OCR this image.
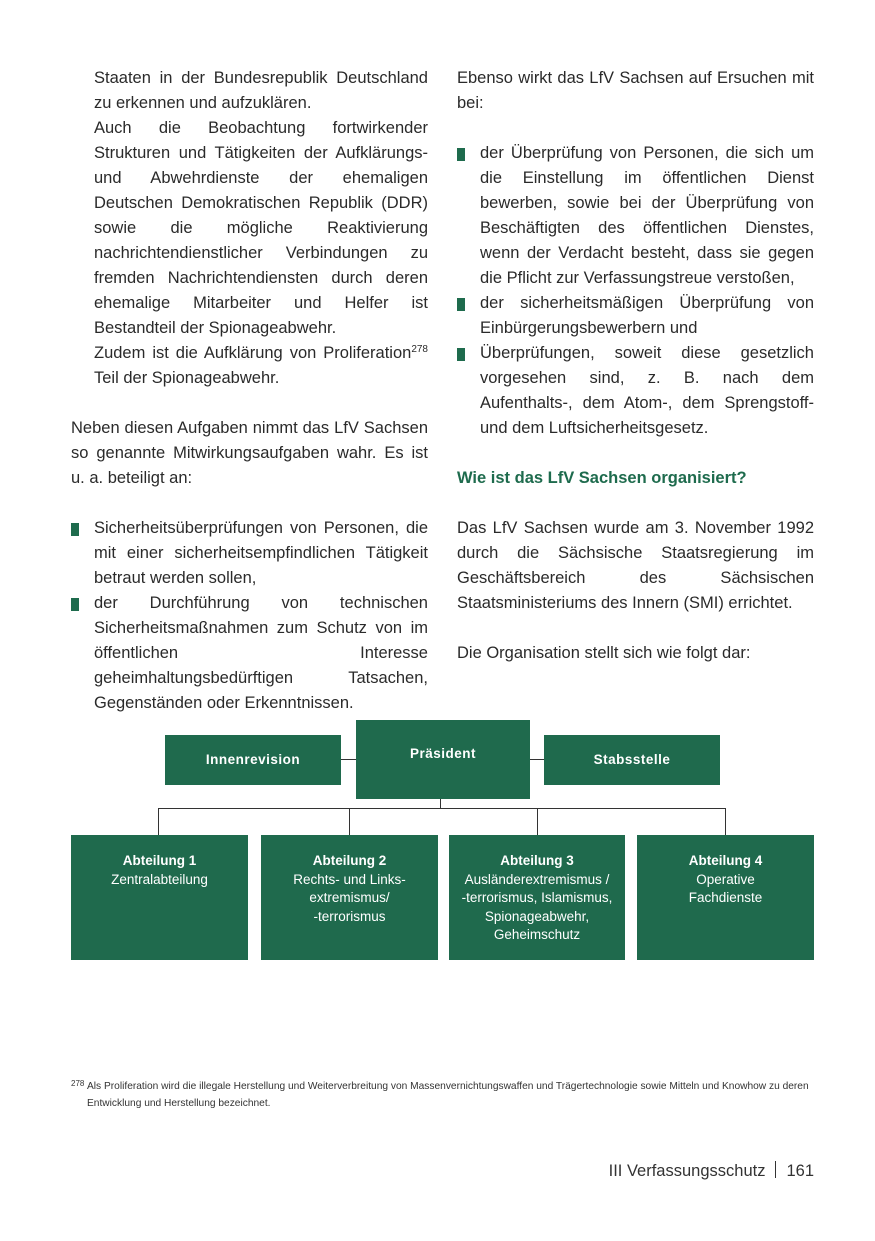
Staaten in der Bundesrepublik Deutschland zu erkennen und aufzuklären.

Auch die Beobachtung fortwirkender Strukturen und Tätigkeiten der Aufklärungs- und Abwehrdienste der ehemaligen Deutschen Demokratischen Republik (DDR) sowie die mögliche Reaktivierung nachrichtendienstlicher Verbindungen zu fremden Nachrichtendiensten durch deren ehemalige Mitarbeiter und Helfer ist Bestandteil der Spionageabwehr.

Zudem ist die Aufklärung von Proliferation$^{278}$ Teil der Spionageabwehr.

Neben diesen Aufgaben nimmt das LfV Sachsen so genannte Mitwirkungsaufgaben wahr. Es ist u. a. beteiligt an:

Sicherheitsüberprüfungen von Personen, die mit einer sicherheitsempfindlichen Tätigkeit betraut werden sollen,
der Durchführung von technischen Sicherheitsmaßnahmen zum Schutz von im öffentlichen Interesse geheimhaltungsbedürftigen Tatsachen, Gegenständen oder Erkenntnissen.

Ebenso wirkt das LfV Sachsen auf Ersuchen mit bei:

der Überprüfung von Personen, die sich um die Einstellung im öffentlichen Dienst bewerben, sowie bei der Überprüfung von Beschäftigten des öffentlichen Dienstes, wenn der Verdacht besteht, dass sie gegen die Pflicht zur Verfassungstreue verstoßen,
der sicherheitsmäßigen Überprüfung von Einbürgerungsbewerbern und
Überprüfungen, soweit diese gesetzlich vorgesehen sind, z. B. nach dem Aufenthalts-, dem Atom-, dem Sprengstoff- und dem Luftsicherheitsgesetz.

Wie ist das LfV Sachsen organisiert?

Das LfV Sachsen wurde am 3. November 1992 durch die Sächsische Staatsregierung im Geschäftsbereich des Sächsischen Staatsministeriums des Innern (SMI) errichtet.

Die Organisation stellt sich wie folgt dar:

Innenrevision	Präsident	Stabsstelle
Abteilung 1
Zentralabteilung
Abteilung 2
Rechts- und Links-
extremismus/
-terrorismus
Abteilung 3
Ausländerextremismus /
-terrorismus, Islamismus,
Spionageabwehr,
Geheimschutz
Abteilung 4
Operative
Fachdienste
278 Als Proliferation wird die illegale Herstellung und Weiterverbreitung von Massenvernichtungswaffen und Trägertechnologie sowie Mitteln und Knowhow zu deren Entwicklung und Herstellung bezeichnet.
III Verfassungsschutz 161
